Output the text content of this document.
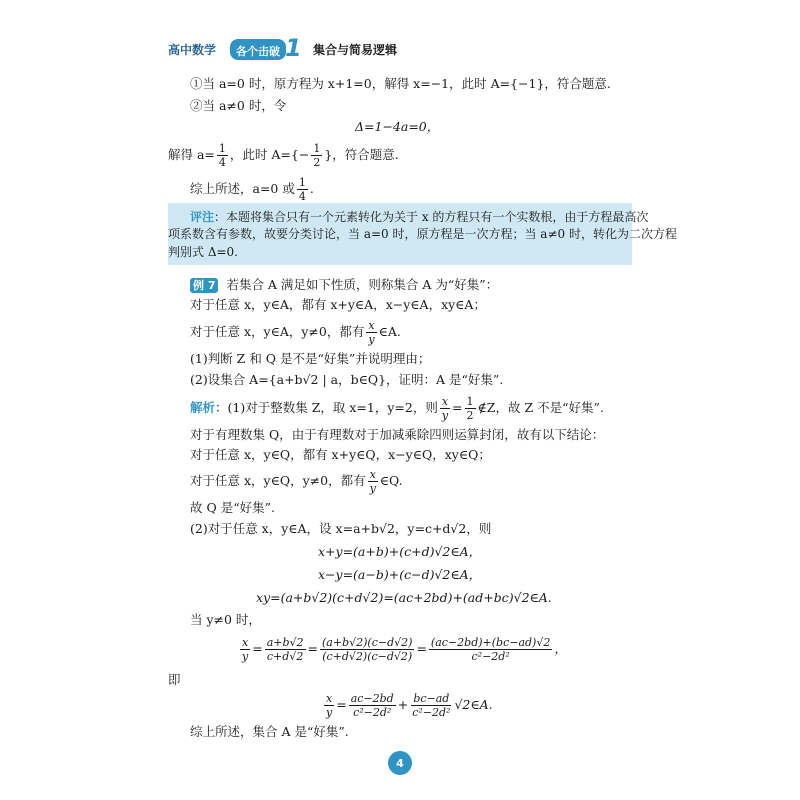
高中数学	各个击破 1 集合与简易逻辑
①当 a=0 时，原方程为 x+1=0，解得 x=−1，此时 A={−1}，符合题意.
②当 a≠0 时，令
Δ=1−4a=0，
解得 $a= \frac{1}{4}$ ，此时 $A=\{- \frac{1}{2}$ }，符合题意.
综上所述，a=0 或 $\frac{1}{4}$ .
评注：本题将集合只有一个元素转化为关于 x 的方程只有一个实数根，由于方程最高次
项系数含有参数，故要分类讨论，当 a=0 时，原方程是一次方程；当 a≠0 时，转化为二次方程
判别式 Δ=0.
例 7 若集合 A 满足如下性质，则称集合 A 为“好集”：
对于任意 x，y∈A，都有 x+y∈A，x−y∈A，xy∈A；
对于任意 x，y∈A，y≠0，都有 $\frac{x}{y}$ ∈A.
(1)判断 Z 和 Q 是不是“好集”并说明理由；
(2)设集合 A={a+b√2 | a，b∈Q}，证明：A 是“好集”.
解析：(1)对于整数集 Z，取 x=1，y=2，则 $\frac{x}{y} = \frac{1}{2}$ ∉Z，故 Z 不是“好集”.
对于有理数集 Q，由于有理数对于加减乘除四则运算封闭，故有以下结论：
对于任意 x，y∈Q，都有 x+y∈Q，x−y∈Q，xy∈Q；
对于任意 x，y∈Q，y≠0，都有 $\frac{x}{y}$ ∈Q.
故 Q 是“好集”.
(2)对于任意 x，y∈A，设 x=a+b√2，y=c+d√2，则
x+y=(a+b)+(c+d)√2∈A，
x−y=(a−b)+(c−d)√2∈A，
xy=(a+b√2)(c+d√2)=(ac+2bd)+(ad+bc)√2∈A.
当 y≠0 时，
$\frac{x}{y} = \frac{a+b√2}{c+d√2} = \frac{(a+b√2)(c-d√2)}{(c+d√2)(c-d√2)} = \frac{(ac-2bd)+(bc-ad)√2}{\text{c²−2d²}}$ ，
即
$\frac{x}{y} = \frac{ac-2bd}{\text{c²−2d²}} + \frac{bc-ad}{\text{c²−2d²}}$ √2∈A.
综上所述，集合 A 是“好集”.
4
